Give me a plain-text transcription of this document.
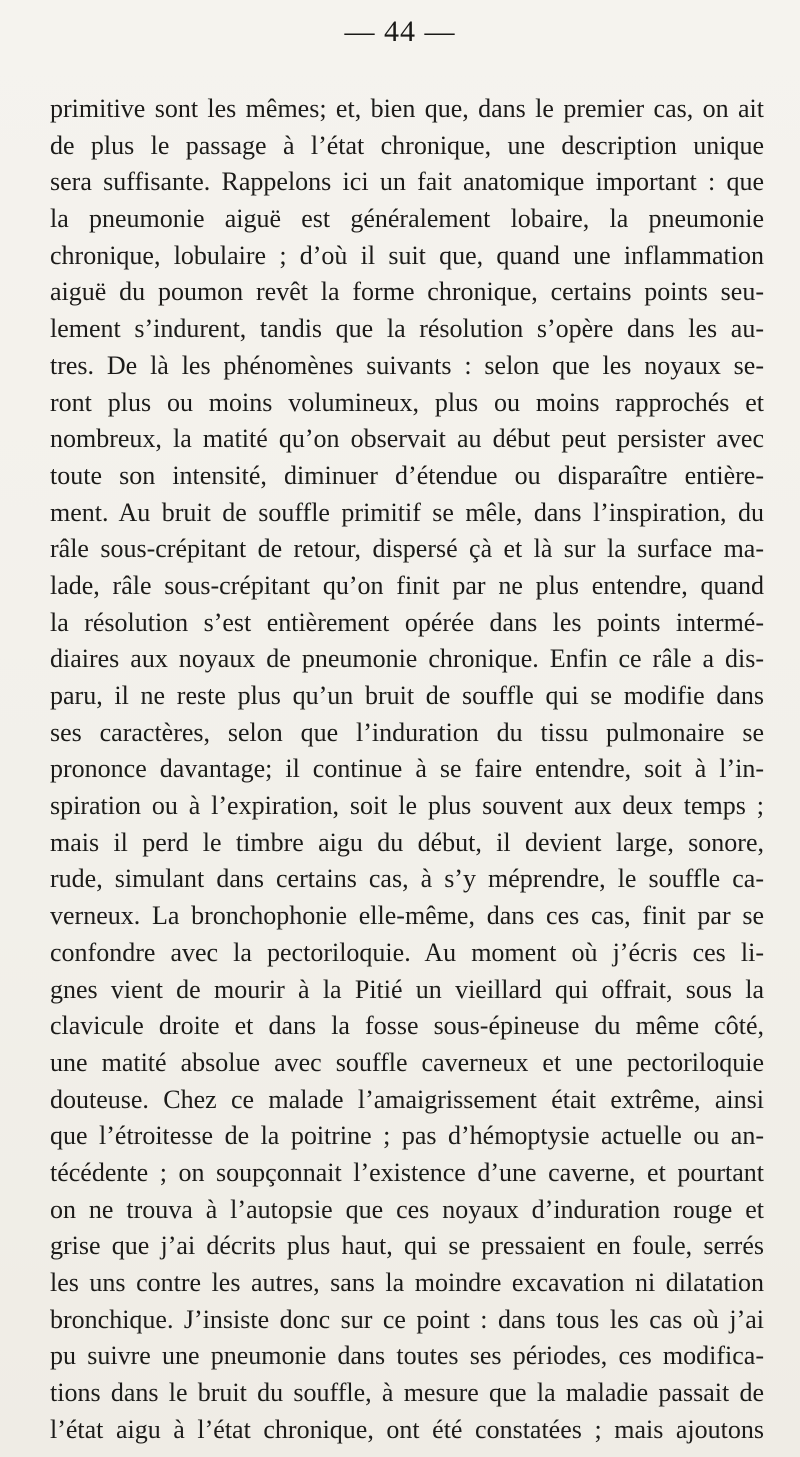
— 44 —
primitive sont les mêmes; et, bien que, dans le premier cas, on ait
de plus le passage à l’état chronique, une description unique
sera suffisante. Rappelons ici un fait anatomique important : que
la pneumonie aiguë est généralement lobaire, la pneumonie
chronique, lobulaire ; d’où il suit que, quand une inflammation
aiguë du poumon revêt la forme chronique, certains points seu-
lement s’indurent, tandis que la résolution s’opère dans les au-
tres. De là les phénomènes suivants : selon que les noyaux se-
ront plus ou moins volumineux, plus ou moins rapprochés et
nombreux, la matité qu’on observait au début peut persister avec
toute son intensité, diminuer d’étendue ou disparaître entière-
ment. Au bruit de souffle primitif se mêle, dans l’inspiration, du
râle sous-crépitant de retour, dispersé çà et là sur la surface ma-
lade, râle sous-crépitant qu’on finit par ne plus entendre, quand
la résolution s’est entièrement opérée dans les points intermé-
diaires aux noyaux de pneumonie chronique. Enfin ce râle a dis-
paru, il ne reste plus qu’un bruit de souffle qui se modifie dans
ses caractères, selon que l’induration du tissu pulmonaire se
prononce davantage; il continue à se faire entendre, soit à l’in-
spiration ou à l’expiration, soit le plus souvent aux deux temps ;
mais il perd le timbre aigu du début, il devient large, sonore,
rude, simulant dans certains cas, à s’y méprendre, le souffle ca-
verneux. La bronchophonie elle-même, dans ces cas, finit par se
confondre avec la pectoriloquie. Au moment où j’écris ces li-
gnes vient de mourir à la Pitié un vieillard qui offrait, sous la
clavicule droite et dans la fosse sous-épineuse du même côté,
une matité absolue avec souffle caverneux et une pectoriloquie
douteuse. Chez ce malade l’amaigrissement était extrême, ainsi
que l’étroitesse de la poitrine ; pas d’hémoptysie actuelle ou an-
técédente ; on soupçonnait l’existence d’une caverne, et pourtant
on ne trouva à l’autopsie que ces noyaux d’induration rouge et
grise que j’ai décrits plus haut, qui se pressaient en foule, serrés
les uns contre les autres, sans la moindre excavation ni dilatation
bronchique. J’insiste donc sur ce point : dans tous les cas où j’ai
pu suivre une pneumonie dans toutes ses périodes, ces modifica-
tions dans le bruit du souffle, à mesure que la maladie passait de
l’état aigu à l’état chronique, ont été constatées ; mais ajoutons
